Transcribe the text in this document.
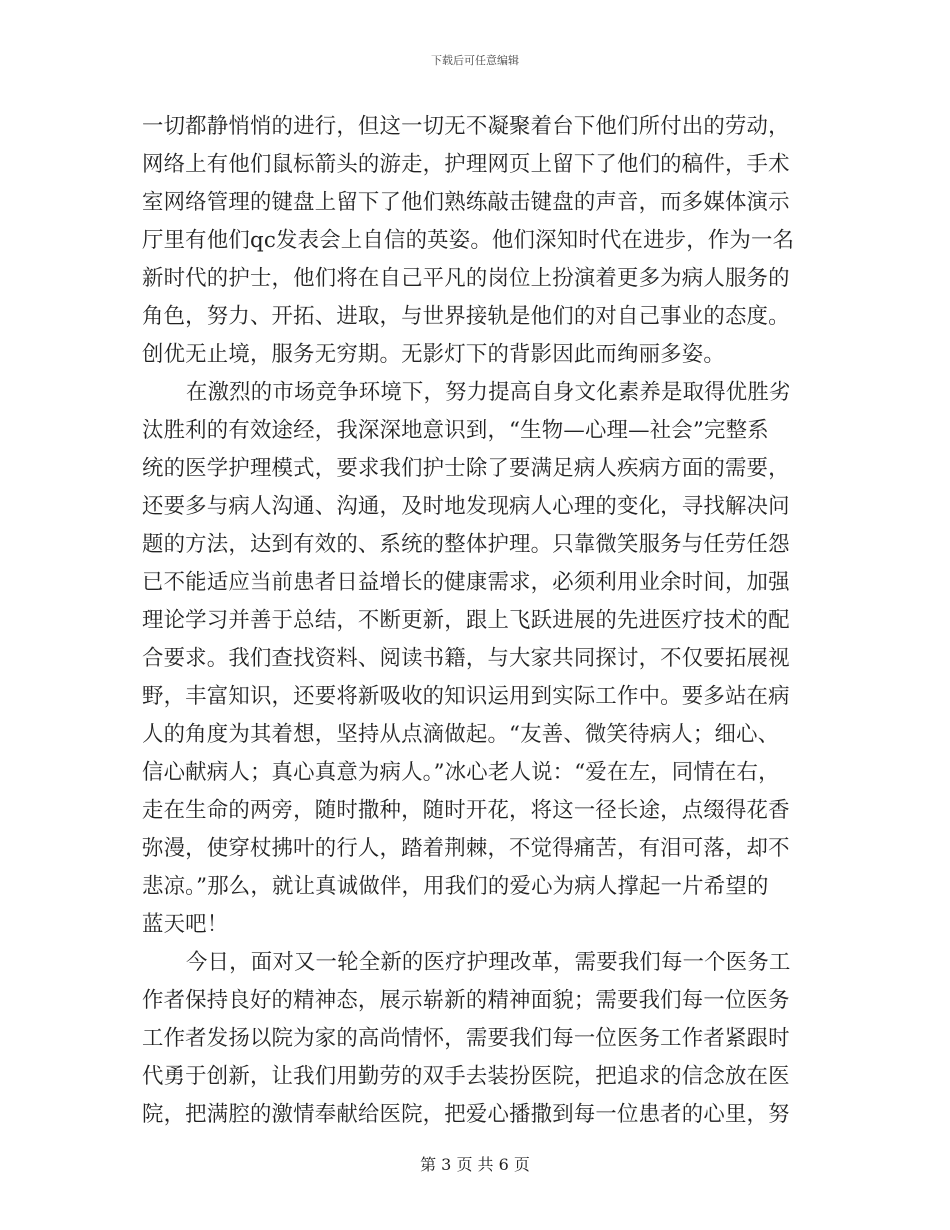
下载后可任意编辑
一切都静悄悄的进行，但这一切无不凝聚着台下他们所付出的劳动，
网络上有他们鼠标箭头的游走，护理网页上留下了他们的稿件，手术
室网络管理的键盘上留下了他们熟练敲击键盘的声音，而多媒体演示
厅里有他们qc发表会上自信的英姿。他们深知时代在进步，作为一名
新时代的护士，他们将在自己平凡的岗位上扮演着更多为病人服务的
角色，努力、开拓、进取，与世界接轨是他们的对自己事业的态度。
创优无止境，服务无穷期。无影灯下的背影因此而绚丽多姿。
在激烈的市场竞争环境下，努力提高自身文化素养是取得优胜劣
汰胜利的有效途经，我深深地意识到，“生物—心理—社会”完整系
统的医学护理模式，要求我们护士除了要满足病人疾病方面的需要，
还要多与病人沟通、沟通，及时地发现病人心理的变化，寻找解决问
题的方法，达到有效的、系统的整体护理。只靠微笑服务与任劳任怨
已不能适应当前患者日益增长的健康需求，必须利用业余时间，加强
理论学习并善于总结，不断更新，跟上飞跃进展的先进医疗技术的配
合要求。我们查找资料、阅读书籍，与大家共同探讨，不仅要拓展视
野，丰富知识，还要将新吸收的知识运用到实际工作中。要多站在病
人的角度为其着想，坚持从点滴做起。“友善、微笑待病人；细心、
信心献病人；真心真意为病人。”冰心老人说：“爱在左，同情在右，
走在生命的两旁，随时撒种，随时开花，将这一径长途，点缀得花香
弥漫，使穿杖拂叶的行人，踏着荆棘，不觉得痛苦，有泪可落，却不
悲凉。”那么，就让真诚做伴，用我们的爱心为病人撑起一片希望的
蓝天吧！
今日，面对又一轮全新的医疗护理改革，需要我们每一个医务工
作者保持良好的精神态，展示崭新的精神面貌；需要我们每一位医务
工作者发扬以院为家的高尚情怀，需要我们每一位医务工作者紧跟时
代勇于创新，让我们用勤劳的双手去装扮医院，把追求的信念放在医
院，把满腔的激情奉献给医院，把爱心播撒到每一位患者的心里，努
第 3 页 共 6 页
